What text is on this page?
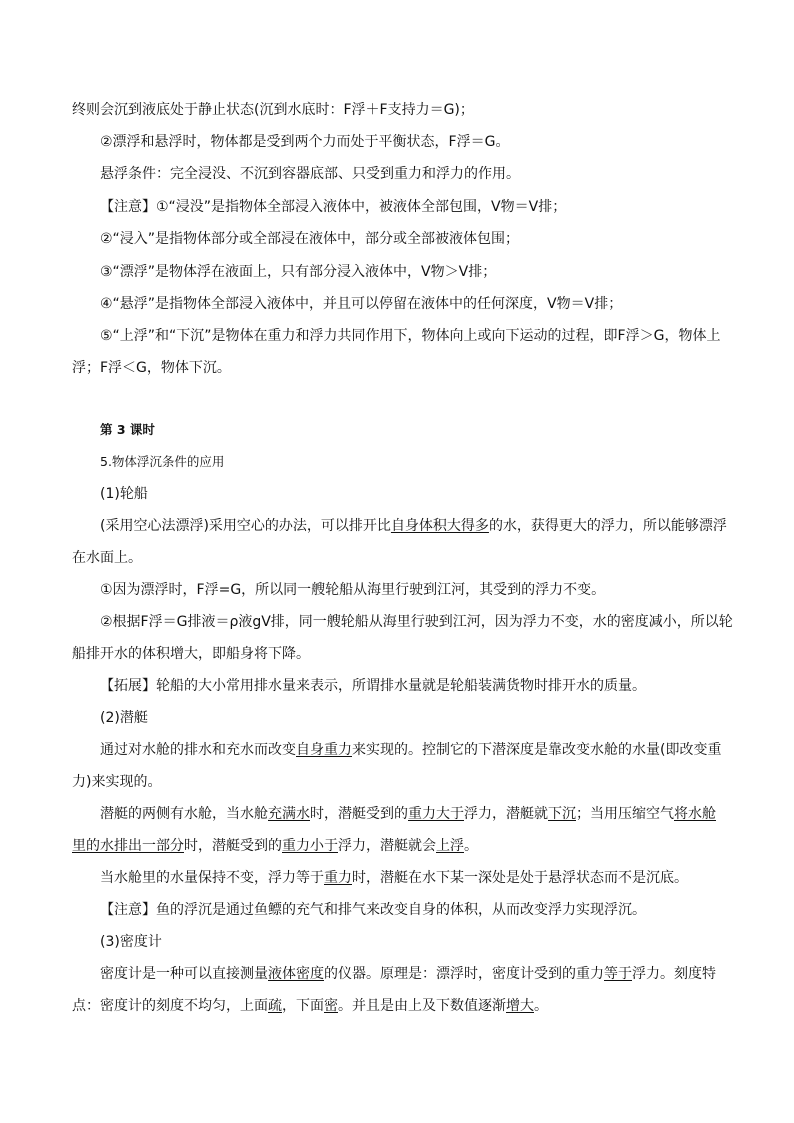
终则会沉到液底处于静止状态(沉到水底时：F浮＋F支持力＝G)；
②漂浮和悬浮时，物体都是受到两个力而处于平衡状态，F浮＝G。
悬浮条件：完全浸没、不沉到容器底部、只受到重力和浮力的作用。
【注意】①“浸没”是指物体全部浸入液体中，被液体全部包围，V物＝V排；
②“浸入”是指物体部分或全部浸在液体中，部分或全部被液体包围；
③“漂浮”是物体浮在液面上，只有部分浸入液体中，V物＞V排；
④“悬浮”是指物体全部浸入液体中，并且可以停留在液体中的任何深度，V物＝V排；
⑤“上浮”和“下沉”是物体在重力和浮力共同作用下，物体向上或向下运动的过程，即F浮＞G，物体上
浮；F浮＜G，物体下沉。
第 3 课时
5.物体浮沉条件的应用
(1)轮船
(采用空心法漂浮)采用空心的办法，可以排开比自身体积大得多的水，获得更大的浮力，所以能够漂浮
在水面上。
①因为漂浮时，F浮=G，所以同一艘轮船从海里行驶到江河，其受到的浮力不变。
②根据F浮＝G排液＝ρ液gV排，同一艘轮船从海里行驶到江河，因为浮力不变，水的密度减小，所以轮
船排开水的体积增大，即船身将下降。
【拓展】轮船的大小常用排水量来表示，所谓排水量就是轮船装满货物时排开水的质量。
(2)潜艇
通过对水舱的排水和充水而改变自身重力来实现的。控制它的下潜深度是靠改变水舱的水量(即改变重
力)来实现的。
潜艇的两侧有水舱，当水舱充满水时，潜艇受到的重力大于浮力，潜艇就下沉；当用压缩空气将水舱
里的水排出一部分时，潜艇受到的重力小于浮力，潜艇就会上浮。
当水舱里的水量保持不变，浮力等于重力时，潜艇在水下某一深处是处于悬浮状态而不是沉底。
【注意】鱼的浮沉是通过鱼鳔的充气和排气来改变自身的体积，从而改变浮力实现浮沉。
(3)密度计
密度计是一种可以直接测量液体密度的仪器。原理是：漂浮时，密度计受到的重力等于浮力。刻度特
点：密度计的刻度不均匀，上面疏，下面密。并且是由上及下数值逐渐增大。
